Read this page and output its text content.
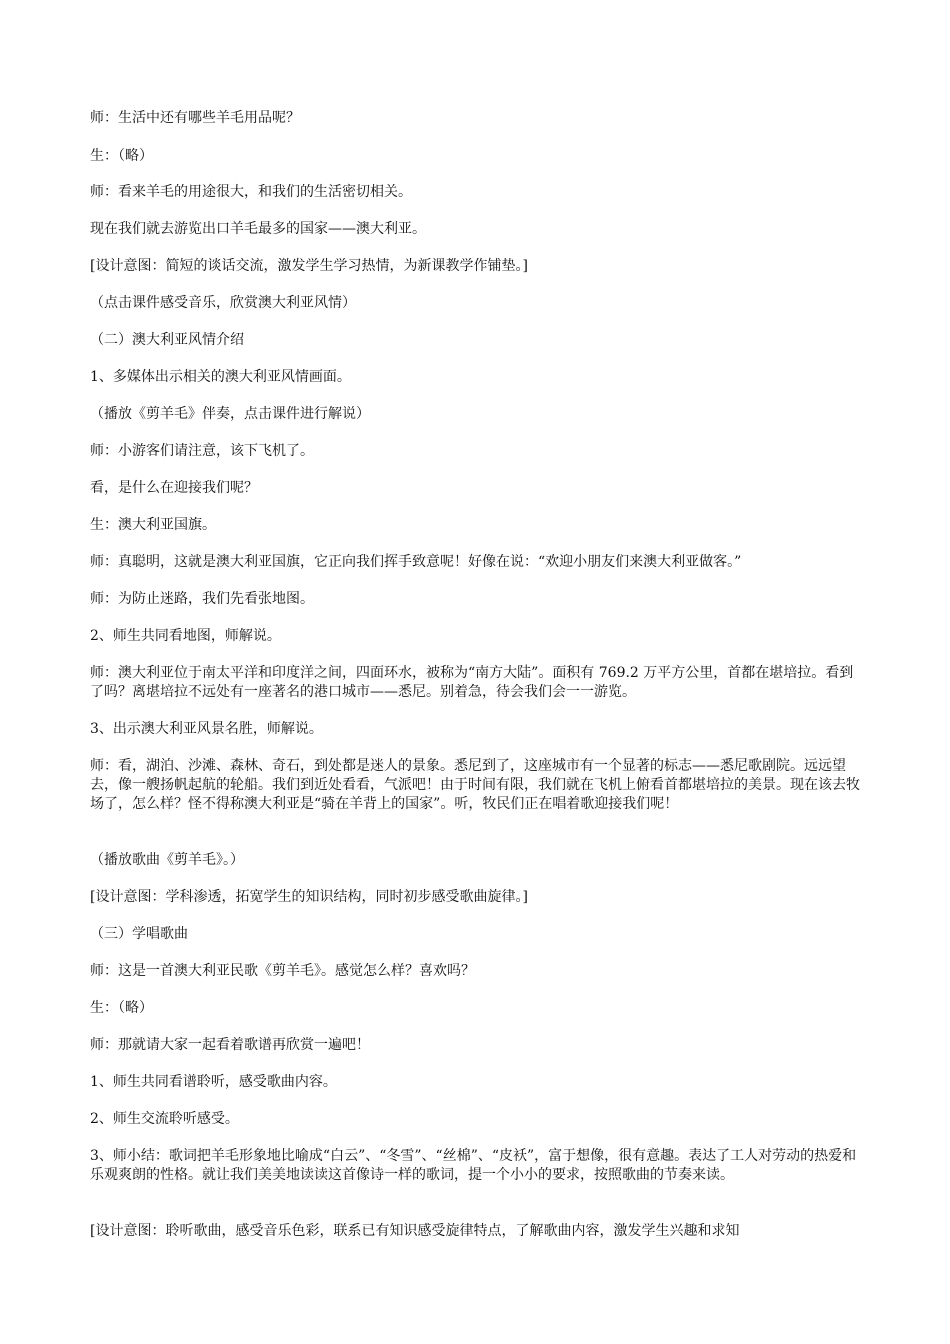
师：生活中还有哪些羊毛用品呢？

生：（略）

师：看来羊毛的用途很大，和我们的生活密切相关。

现在我们就去游览出口羊毛最多的国家——澳大利亚。

[设计意图：简短的谈话交流，激发学生学习热情，为新课教学作铺垫。]

（点击课件感受音乐，欣赏澳大利亚风情）

（二）澳大利亚风情介绍

1、多媒体出示相关的澳大利亚风情画面。

（播放《剪羊毛》伴奏，点击课件进行解说）

师：小游客们请注意，该下飞机了。

看，是什么在迎接我们呢？

生：澳大利亚国旗。

师：真聪明，这就是澳大利亚国旗，它正向我们挥手致意呢！好像在说：“欢迎小朋友们来澳大利亚做客。”

师：为防止迷路，我们先看张地图。

2、师生共同看地图，师解说。

师：澳大利亚位于南太平洋和印度洋之间，四面环水，被称为“南方大陆”。面积有 769.2 万平方公里，首都在堪培拉。看到了吗？离堪培拉不远处有一座著名的港口城市——悉尼。别着急，待会我们会一一游览。

3、出示澳大利亚风景名胜，师解说。

师：看，湖泊、沙滩、森林、奇石，到处都是迷人的景象。悉尼到了，这座城市有一个显著的标志——悉尼歌剧院。远远望去，像一艘扬帆起航的轮船。我们到近处看看，气派吧！由于时间有限，我们就在飞机上俯看首都堪培拉的美景。现在该去牧场了，怎么样？怪不得称澳大利亚是“骑在羊背上的国家”。听，牧民们正在唱着歌迎接我们呢！

（播放歌曲《剪羊毛》。）

[设计意图：学科渗透，拓宽学生的知识结构，同时初步感受歌曲旋律。]

（三）学唱歌曲

师：这是一首澳大利亚民歌《剪羊毛》。感觉怎么样？喜欢吗？

生：（略）

师：那就请大家一起看着歌谱再欣赏一遍吧！

1、师生共同看谱聆听，感受歌曲内容。

2、师生交流聆听感受。

3、师小结：歌词把羊毛形象地比喻成“白云”、“冬雪”、“丝棉”、“皮袄”，富于想像，很有意趣。表达了工人对劳动的热爱和乐观爽朗的性格。就让我们美美地读读这首像诗一样的歌词，提一个小小的要求，按照歌曲的节奏来读。

[设计意图：聆听歌曲，感受音乐色彩，联系已有知识感受旋律特点，了解歌曲内容，激发学生兴趣和求知
